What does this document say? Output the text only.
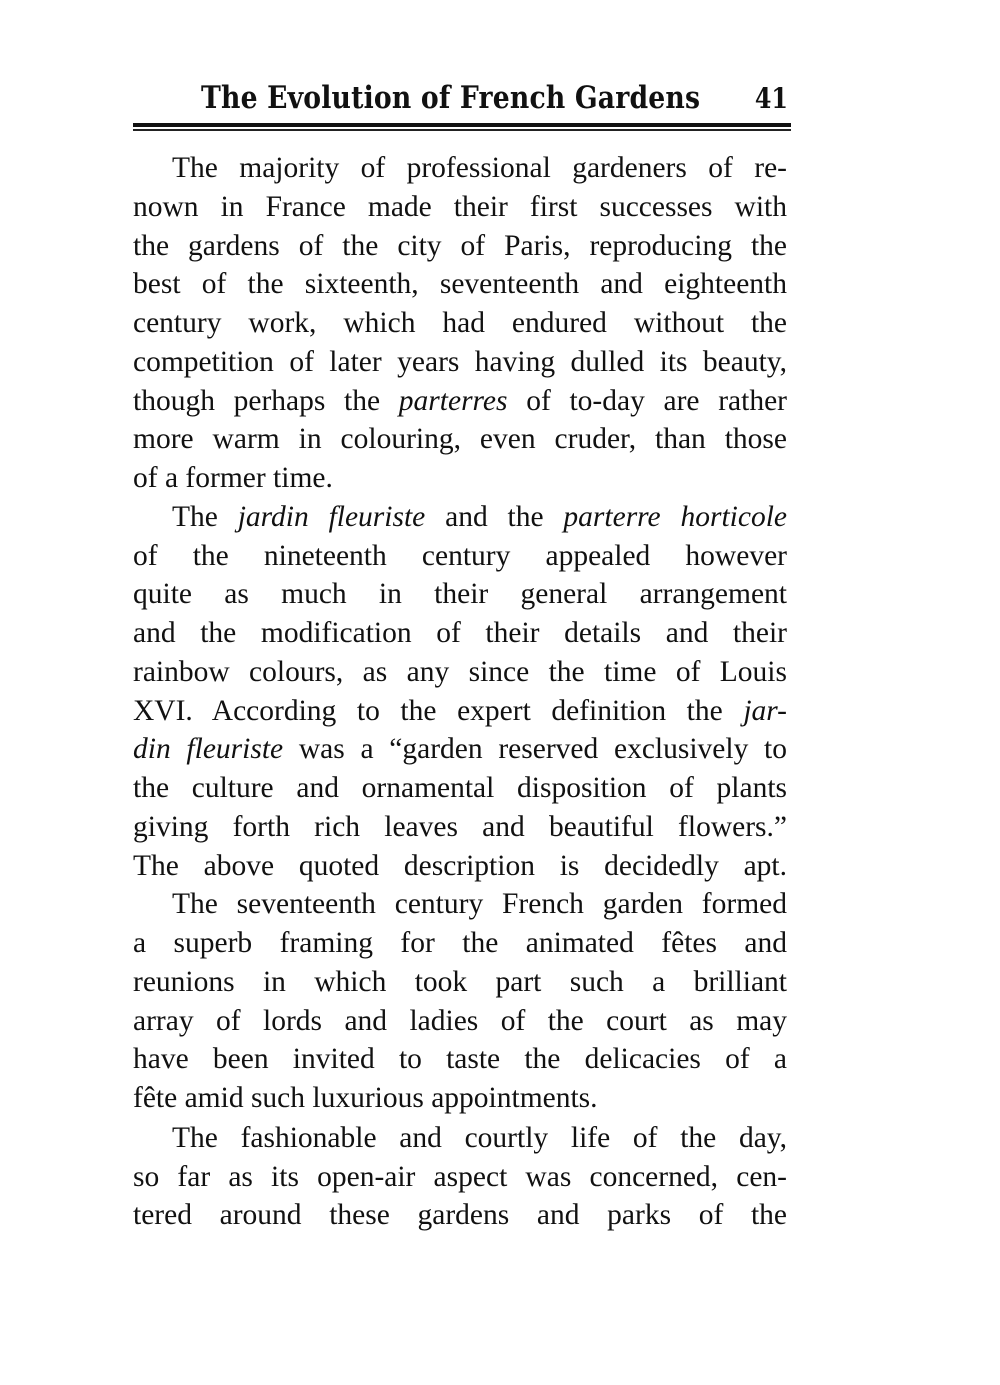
The Evolution of French Gardens 41
The majority of professional gardeners of re-
nown in France made their first successes with
the gardens of the city of Paris, reproducing the
best of the sixteenth, seventeenth and eighteenth
century work, which had endured without the
competition of later years having dulled its beauty,
though perhaps the parterres of to-day are rather
more warm in colouring, even cruder, than those
of a former time.
The jardin fleuriste and the parterre horticole
of the nineteenth century appealed however
quite as much in their general arrangement
and the modification of their details and their
rainbow colours, as any since the time of Louis
XVI. According to the expert definition the jar-
din fleuriste was a “garden reserved exclusively to
the culture and ornamental disposition of plants
giving forth rich leaves and beautiful flowers.”
The above quoted description is decidedly apt.
The seventeenth century French garden formed
a superb framing for the animated fêtes and
reunions in which took part such a brilliant
array of lords and ladies of the court as may
have been invited to taste the delicacies of a
fête amid such luxurious appointments.
The fashionable and courtly life of the day,
so far as its open-air aspect was concerned, cen-
tered around these gardens and parks of the
